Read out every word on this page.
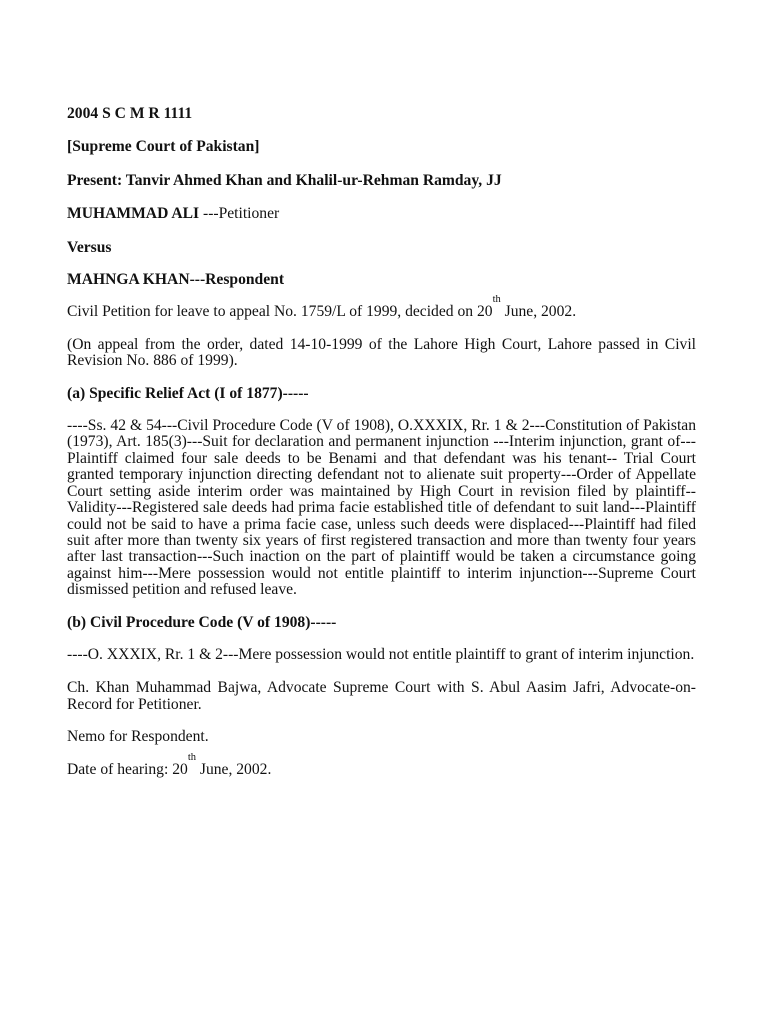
2004 S C M R 1111

[Supreme Court of Pakistan]

Present: Tanvir Ahmed Khan and Khalil-ur-Rehman Ramday, JJ

MUHAMMAD ALI ---Petitioner

Versus

MAHNGA KHAN---Respondent

Civil Petition for leave to appeal No. 1759/L of 1999, decided on 20th June, 2002.

(On appeal from the order, dated 14-10-1999 of the Lahore High Court, Lahore passed in Civil Revision No. 886 of 1999).

(a) Specific Relief Act (I of 1877)-----

----Ss. 42 & 54---Civil Procedure Code (V of 1908), O.XXXIX, Rr. 1 & 2---Constitution of Pakistan (1973), Art. 185(3)---Suit for declaration and permanent injunction ---Interim injunction, grant of---Plaintiff claimed four sale deeds to be Benami and that defendant was his tenant-- Trial Court granted temporary injunction directing defendant not to alienate suit property---Order of Appellate Court setting aside interim order was maintained by High Court in revision filed by plaintiff-- Validity---Registered sale deeds had prima facie established title of defendant to suit land---Plaintiff could not be said to have a prima facie case, unless such deeds were displaced---Plaintiff had filed suit after more than twenty six years of first registered transaction and more than twenty four years after last transaction---Such inaction on the part of plaintiff would be taken a circumstance going against him---Mere possession would not entitle plaintiff to interim injunction---Supreme Court dismissed petition and refused leave.

(b) Civil Procedure Code (V of 1908)-----

----O. XXXIX, Rr. 1 & 2---Mere possession would not entitle plaintiff to grant of interim injunction.

Ch. Khan Muhammad Bajwa, Advocate Supreme Court with S. Abul Aasim Jafri, Advocate-on-Record for Petitioner.

Nemo for Respondent.

Date of hearing: 20th June, 2002.
